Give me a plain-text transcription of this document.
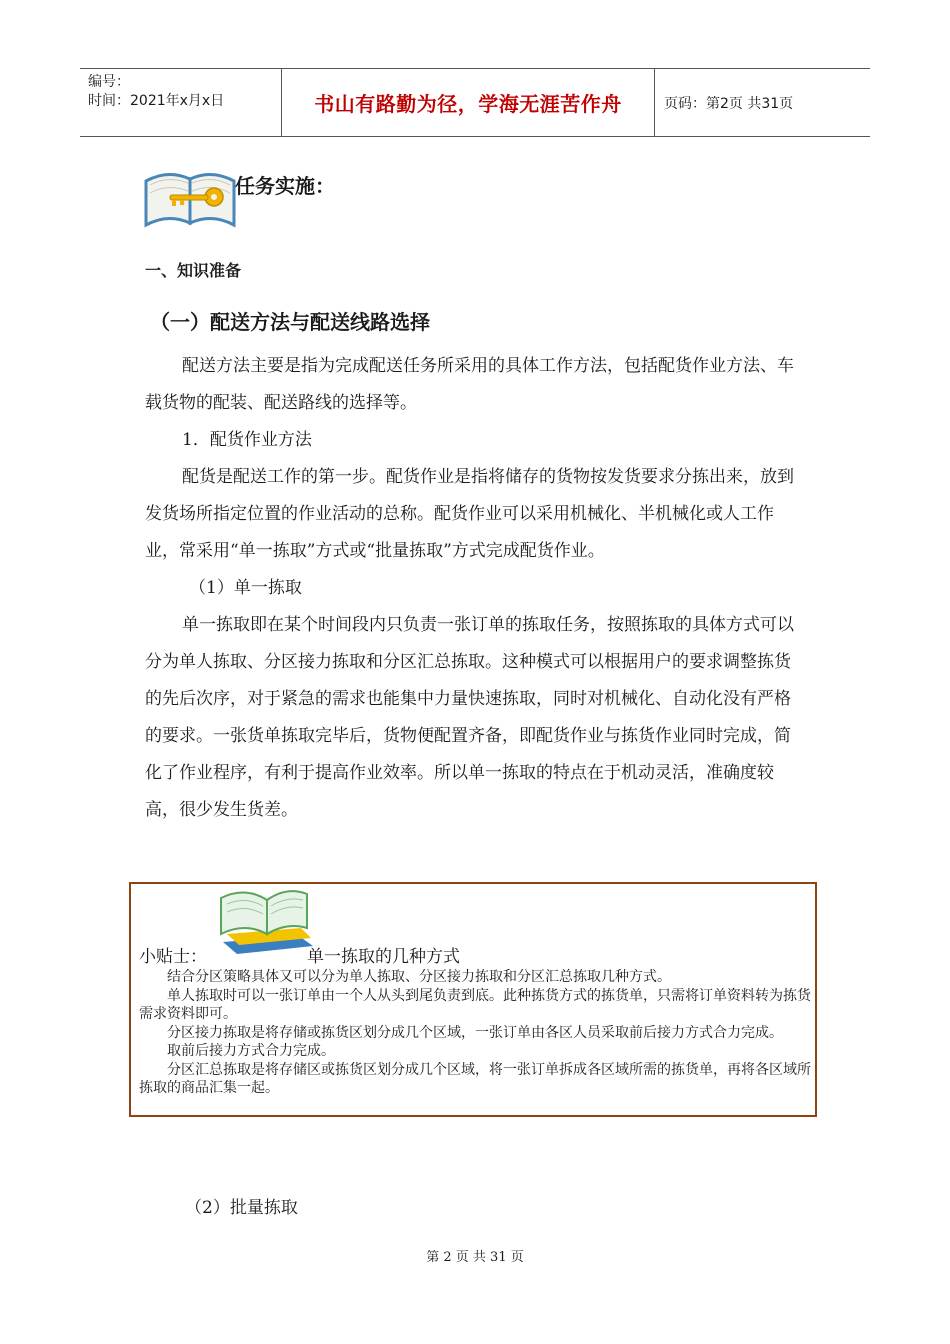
编号：
时间：2021年x月x日	书山有路勤为径，学海无涯苦作舟	页码：第2页 共31页
任务实施：
一、知识准备
（一）配送方法与配送线路选择

配送方法主要是指为完成配送任务所采用的具体工作方法，包括配货作业方法、车载货物的配装、配送路线的选择等。

1．配货作业方法

配货是配送工作的第一步。配货作业是指将储存的货物按发货要求分拣出来，放到发货场所指定位置的作业活动的总称。配货作业可以采用机械化、半机械化或人工作业，常采用“单一拣取”方式或“批量拣取”方式完成配货作业。

（1）单一拣取

单一拣取即在某个时间段内只负责一张订单的拣取任务，按照拣取的具体方式可以分为单人拣取、分区接力拣取和分区汇总拣取。这种模式可以根据用户的要求调整拣货的先后次序，对于紧急的需求也能集中力量快速拣取，同时对机械化、自动化没有严格的要求。一张货单拣取完毕后，货物便配置齐备，即配货作业与拣货作业同时完成，简化了作业程序，有利于提高作业效率。所以单一拣取的特点在于机动灵活，准确度较高，很少发生货差。

小贴士：	单一拣取的几种方式

结合分区策略具体又可以分为单人拣取、分区接力拣取和分区汇总拣取几种方式。

单人拣取时可以一张订单由一个人从头到尾负责到底。此种拣货方式的拣货单，只需将订单资料转为拣货需求资料即可。

分区接力拣取是将存储或拣货区划分成几个区域，一张订单由各区人员采取前后接力方式合力完成。

取前后接力方式合力完成。

分区汇总拣取是将存储区或拣货区划分成几个区域，将一张订单拆成各区域所需的拣货单，再将各区域所拣取的商品汇集一起。

（2）批量拣取
第 2 页 共 31 页
